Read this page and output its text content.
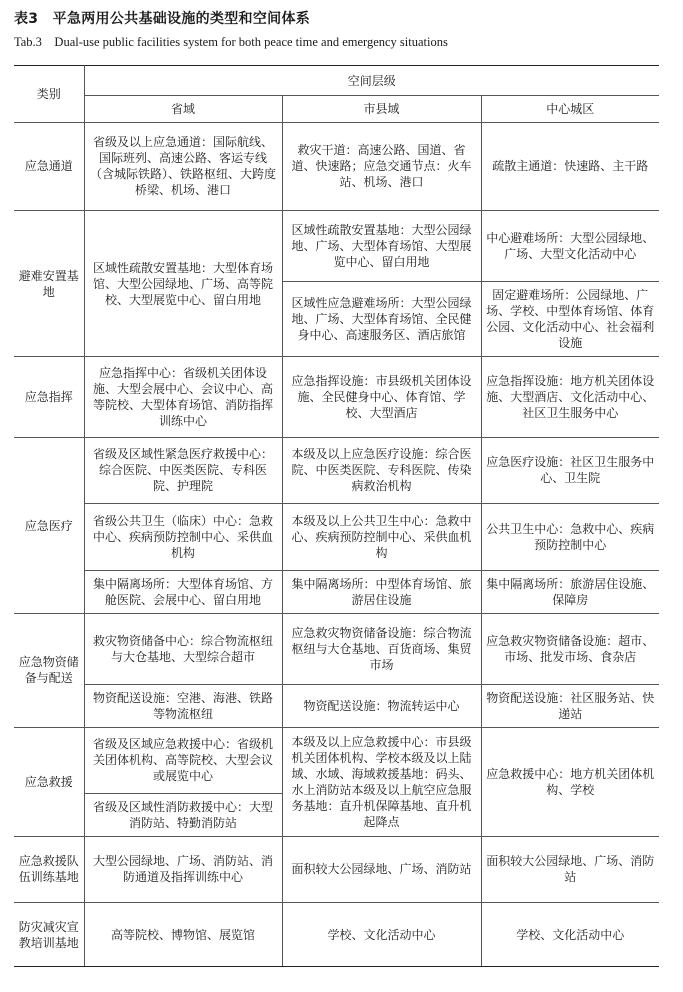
表3　平急两用公共基础设施的类型和空间体系
Tab.3　Dual-use public facilities system for both peace time and emergency situations
类别	空间层级		
	省域	市县域	中心城区
应急通道	省级及以上应急通道：国际航线、国际班列、高速公路、客运专线（含城际铁路）、铁路枢纽、大跨度桥梁、机场、港口	救灾干道：高速公路、国道、省道、快速路；应急交通节点：火车站、机场、港口	疏散主通道：快速路、主干路
避难安置基地	区域性疏散安置基地：大型体育场馆、大型公园绿地、广场、高等院校、大型展览中心、留白用地	区域性疏散安置基地：大型公园绿地、广场、大型体育场馆、大型展览中心、留白用地	中心避难场所：大型公园绿地、广场、大型文化活动中心
		区域性应急避难场所：大型公园绿地、广场、大型体育场馆、全民健身中心、高速服务区、酒店旅馆	固定避难场所：公园绿地、广场、学校、中型体育场馆、体育公园、文化活动中心、社会福利设施
应急指挥	应急指挥中心：省级机关团体设施、大型会展中心、会议中心、高等院校、大型体育场馆、消防指挥训练中心	应急指挥设施：市县级机关团体设施、全民健身中心、体育馆、学校、大型酒店	应急指挥设施：地方机关团体设施、大型酒店、文化活动中心、社区卫生服务中心
应急医疗	省级及区域性紧急医疗救援中心：综合医院、中医类医院、专科医院、护理院	本级及以上应急医疗设施：综合医院、中医类医院、专科医院、传染病救治机构	应急医疗设施：社区卫生服务中心、卫生院
	省级公共卫生（临床）中心：急救中心、疾病预防控制中心、采供血机构	本级及以上公共卫生中心：急救中心、疾病预防控制中心、采供血机构	公共卫生中心：急救中心、疾病预防控制中心
	集中隔离场所：大型体育场馆、方舱医院、会展中心、留白用地	集中隔离场所：中型体育场馆、旅游居住设施	集中隔离场所：旅游居住设施、保障房
应急物资储备与配送	救灾物资储备中心：综合物流枢纽与大仓基地、大型综合超市	应急救灾物资储备设施：综合物流枢纽与大仓基地、百货商场、集贸市场	应急救灾物资储备设施：超市、市场、批发市场、食杂店
	物资配送设施：空港、海港、铁路等物流枢纽	物资配送设施：物流转运中心	物资配送设施：社区服务站、快递站
应急救援	省级及区域应急救援中心：省级机关团体机构、高等院校、大型会议或展览中心	本级及以上应急救援中心：市县级机关团体机构、学校本级及以上陆域、水域、海域救援基地：码头、水上消防站本级及以上航空应急服务基地：直升机保障基地、直升机起降点	应急救援中心：地方机关团体机构、学校
	省级及区域性消防救援中心：大型消防站、特勤消防站		
应急救援队伍训练基地	大型公园绿地、广场、消防站、消防通道及指挥训练中心	面积较大公园绿地、广场、消防站	面积较大公园绿地、广场、消防站
防灾减灾宣教培训基地	高等院校、博物馆、展览馆	学校、文化活动中心	学校、文化活动中心
